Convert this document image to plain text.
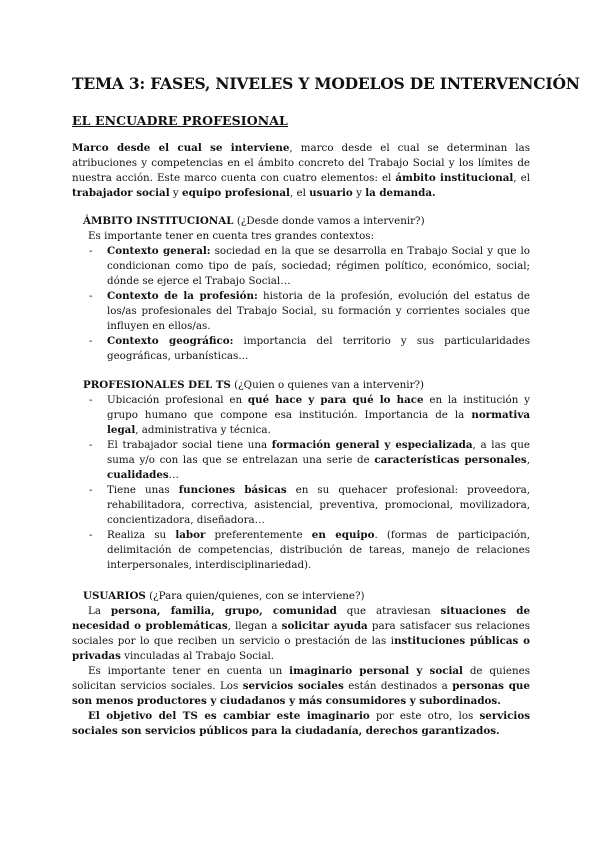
TEMA 3: FASES, NIVELES Y MODELOS DE INTERVENCIÓN
EL ENCUADRE PROFESIONAL

Marco desde el cual se interviene, marco desde el cual se determinan las atribuciones y competencias en el ámbito concreto del Trabajo Social y los límites de nuestra acción. Este marco cuenta con cuatro elementos: el ámbito institucional, el trabajador social y equipo profesional, el usuario y la demanda.

ÁMBITO INSTITUCIONAL (¿Desde donde vamos a intervenir?)
Es importante tener en cuenta tres grandes contextos:
- Contexto general: sociedad en la que se desarrolla en Trabajo Social y que lo condicionan como tipo de país, sociedad; régimen político, económico, social; dónde se ejerce el Trabajo Social…
- Contexto de la profesión: historia de la profesión, evolución del estatus de los/as profesionales del Trabajo Social, su formación y corrientes sociales que influyen en ellos/as.
- Contexto geográfico: importancia del territorio y sus particularidades geográficas, urbanísticas…
PROFESIONALES DEL TS (¿Quien o quienes van a intervenir?)
- Ubicación profesional en qué hace y para qué lo hace en la institución y grupo humano que compone esa institución. Importancia de la normativa legal, administrativa y técnica.
- El trabajador social tiene una formación general y especializada, a las que suma y/o con las que se entrelazan una serie de características personales, cualidades…
- Tiene unas funciones básicas en su quehacer profesional: proveedora, rehabilitadora, correctiva, asistencial, preventiva, promocional, movilizadora, concientizadora, diseñadora…
- Realiza su labor preferentemente en equipo. (formas de participación, delimitación de competencias, distribución de tareas, manejo de relaciones interpersonales, interdisciplinariedad).
USUARIOS (¿Para quien/quienes, con se interviene?)

La persona, familia, grupo, comunidad que atraviesan situaciones de necesidad o problemáticas, llegan a solicitar ayuda para satisfacer sus relaciones sociales por lo que reciben un servicio o prestación de las instituciones públicas o privadas vinculadas al Trabajo Social.

Es importante tener en cuenta un imaginario personal y social de quienes solicitan servicios sociales. Los servicios sociales están destinados a personas que son menos productores y ciudadanos y más consumidores y subordinados.

El objetivo del TS es cambiar este imaginario por este otro, los servicios sociales son servicios públicos para la ciudadanía, derechos garantizados.
